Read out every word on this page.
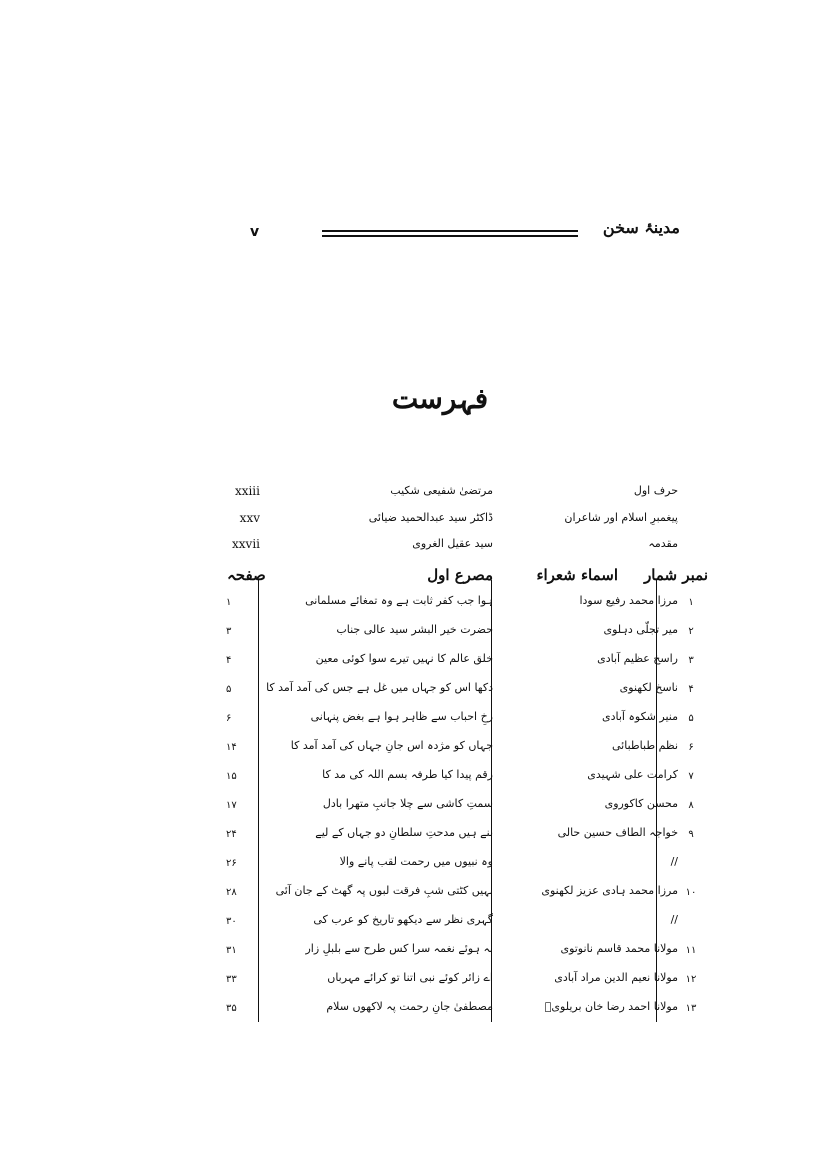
مدینۂ سخن
v
فہرست
حرف اول
مرتضیٰ شفیعی شکیب
xxiii
پیغمبرِ اسلام اور شاعران
ڈاکٹر سید عبدالحمید ضیائی
xxv
مقدمہ
سید عقیل الغروی
xxvii
نمبر شمار
اسماء شعراء
مصرع اول
صفحہ
۱
مرزا محمد رفیع سودا
ہوا جب کفر ثابت ہے وہ تمغائے مسلمانی
۱
۲
میر تجلّی دہلوی
حضرت خیر البشر سید عالی جناب
۳
۳
راسخ عظیم آبادی
خلق عالم کا نہیں تیرے سوا کوئی معین
۴
۴
ناسخ لکھنوی
دکھا اس کو جہاں میں غل ہے جس کی آمد آمد کا
۵
۵
منیر شکوہ آبادی
رخِ احباب سے ظاہر ہوا ہے بغض پنہانی
۶
۶
نظم طباطبائی
جہاں کو مژدہ اس جانِ جہاں کی آمد آمد کا
۱۴
۷
کرامت علی شہیدی
رقم پیدا کیا طرفہ بسم اللہ کی مد کا
۱۵
۸
محسن کاکوروی
سمتِ کاشی سے چلا جانبِ متھرا بادل
۱۷
۹
خواجہ الطاف حسین حالی
بنے ہیں مدحتِ سلطانِ دو جہاں کے لیے
۲۴
//
وہ نبیوں میں رحمت لقب پانے والا
۲۶
۱۰
مرزا محمد ہادی عزیز لکھنوی
نہیں کٹتی شبِ فرقت لبوں پہ گھٹ کے جان آئی
۲۸
//
گہری نظر سے دیکھو تاریخ کو عرب کی
۳۰
۱۱
مولانا محمد قاسم نانوتوی
نہ ہوئے نغمہ سرا کس طرح سے بلبلِ زار
۳۱
۱۲
مولانا نعیم الدین مراد آبادی
اے زائر کوئے نبی اتنا تو کرائے مہرباں
۳۳
۱۳
مولانا احمد رضا خان بریلویؒ
مصطفیٰ جانِ رحمت پہ لاکھوں سلام
۳۵
